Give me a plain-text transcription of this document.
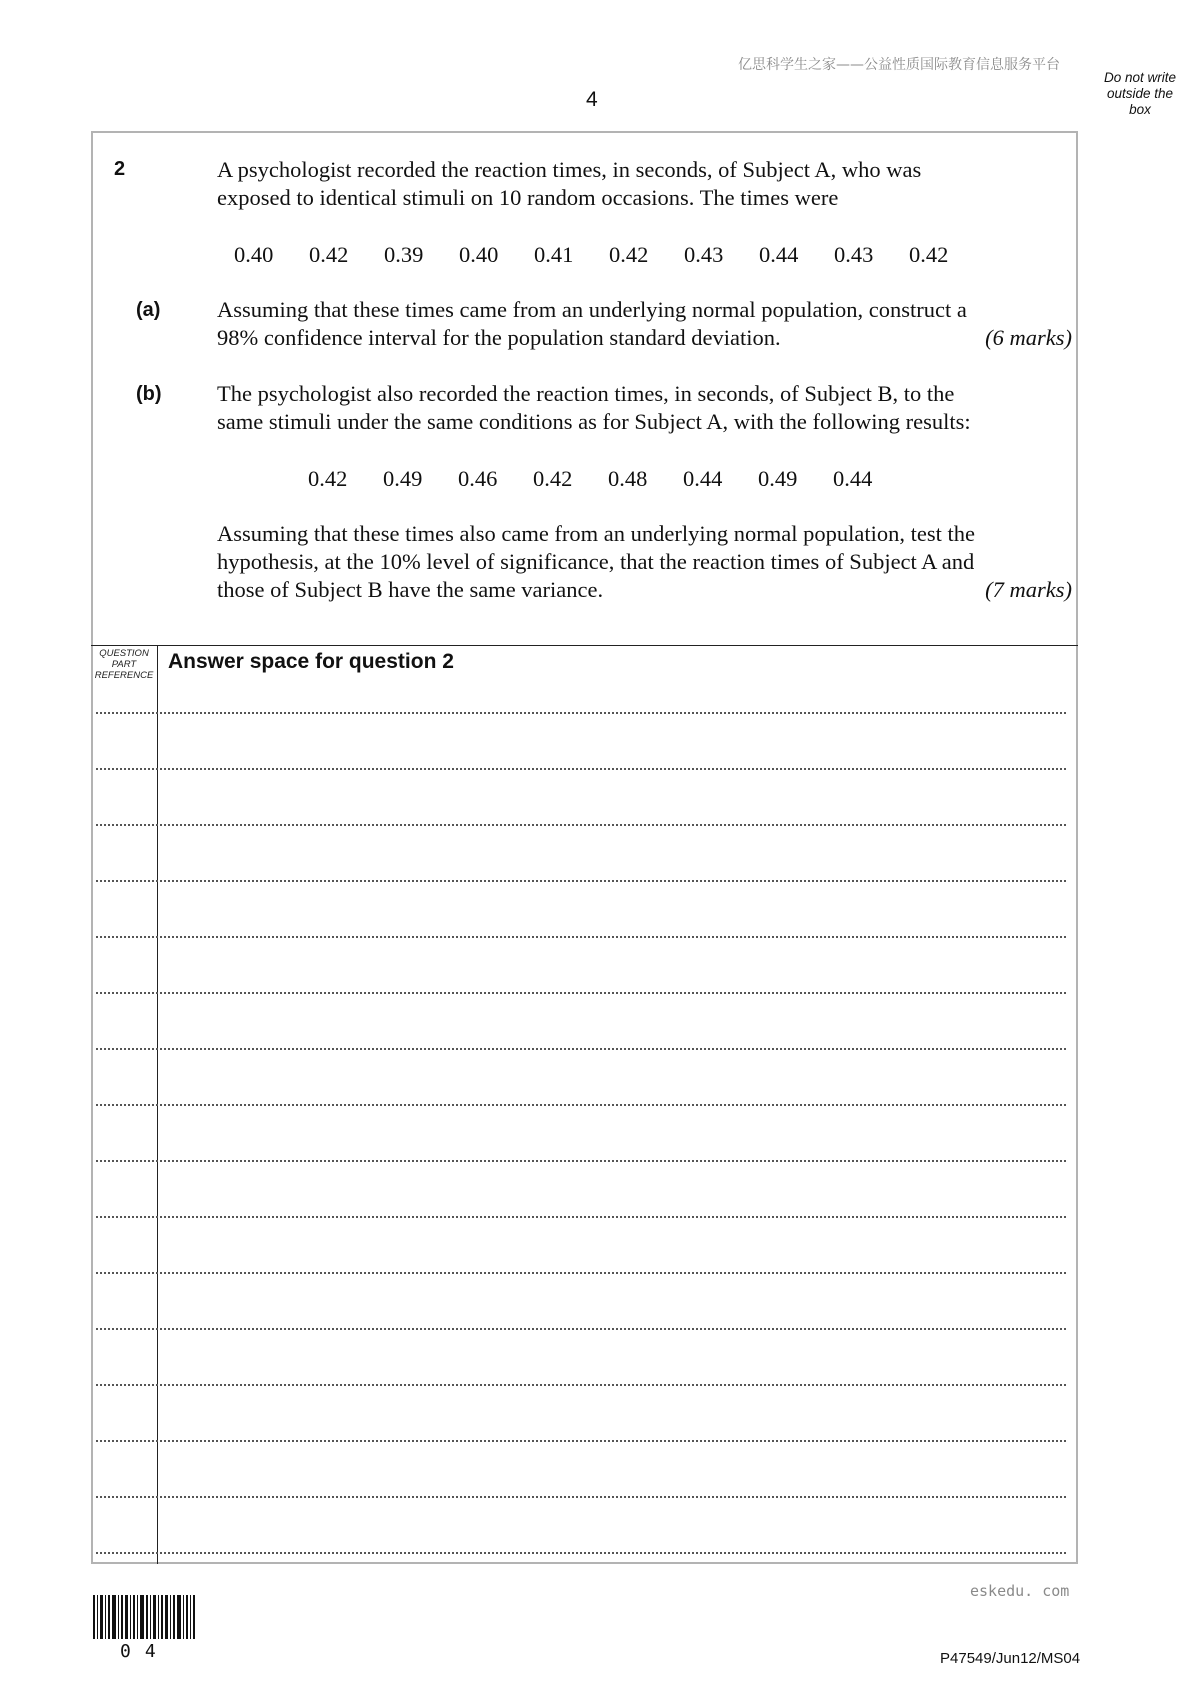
亿思科学生之家——公益性质国际教育信息服务平台
4
Do not write
outside the
box
2	A psychologist recorded the reaction times, in seconds, of Subject A, who was
exposed to identical stimuli on 10 random occasions. The times were
0.40	0.42	0.39	0.40	0.41	0.42	0.43	0.44	0.43	0.42
(a)	Assuming that these times came from an underlying normal population, construct a
98% confidence interval for the population standard deviation.	(6 marks)
(b) The psychologist also recorded the reaction times, in seconds, of Subject B, to the
same stimuli under the same conditions as for Subject A, with the following results:
0.42	0.49	0.46	0.42	0.48	0.44	0.49	0.44
Assuming that these times also came from an underlying normal population, test the
hypothesis, at the 10% level of significance, that the reaction times of Subject A and
those of Subject B have the same variance.	(7 marks)
QUESTION
PART
REFERENCE
Answer space for question 2
eskedu. com
04	P47549/Jun12/MS04
